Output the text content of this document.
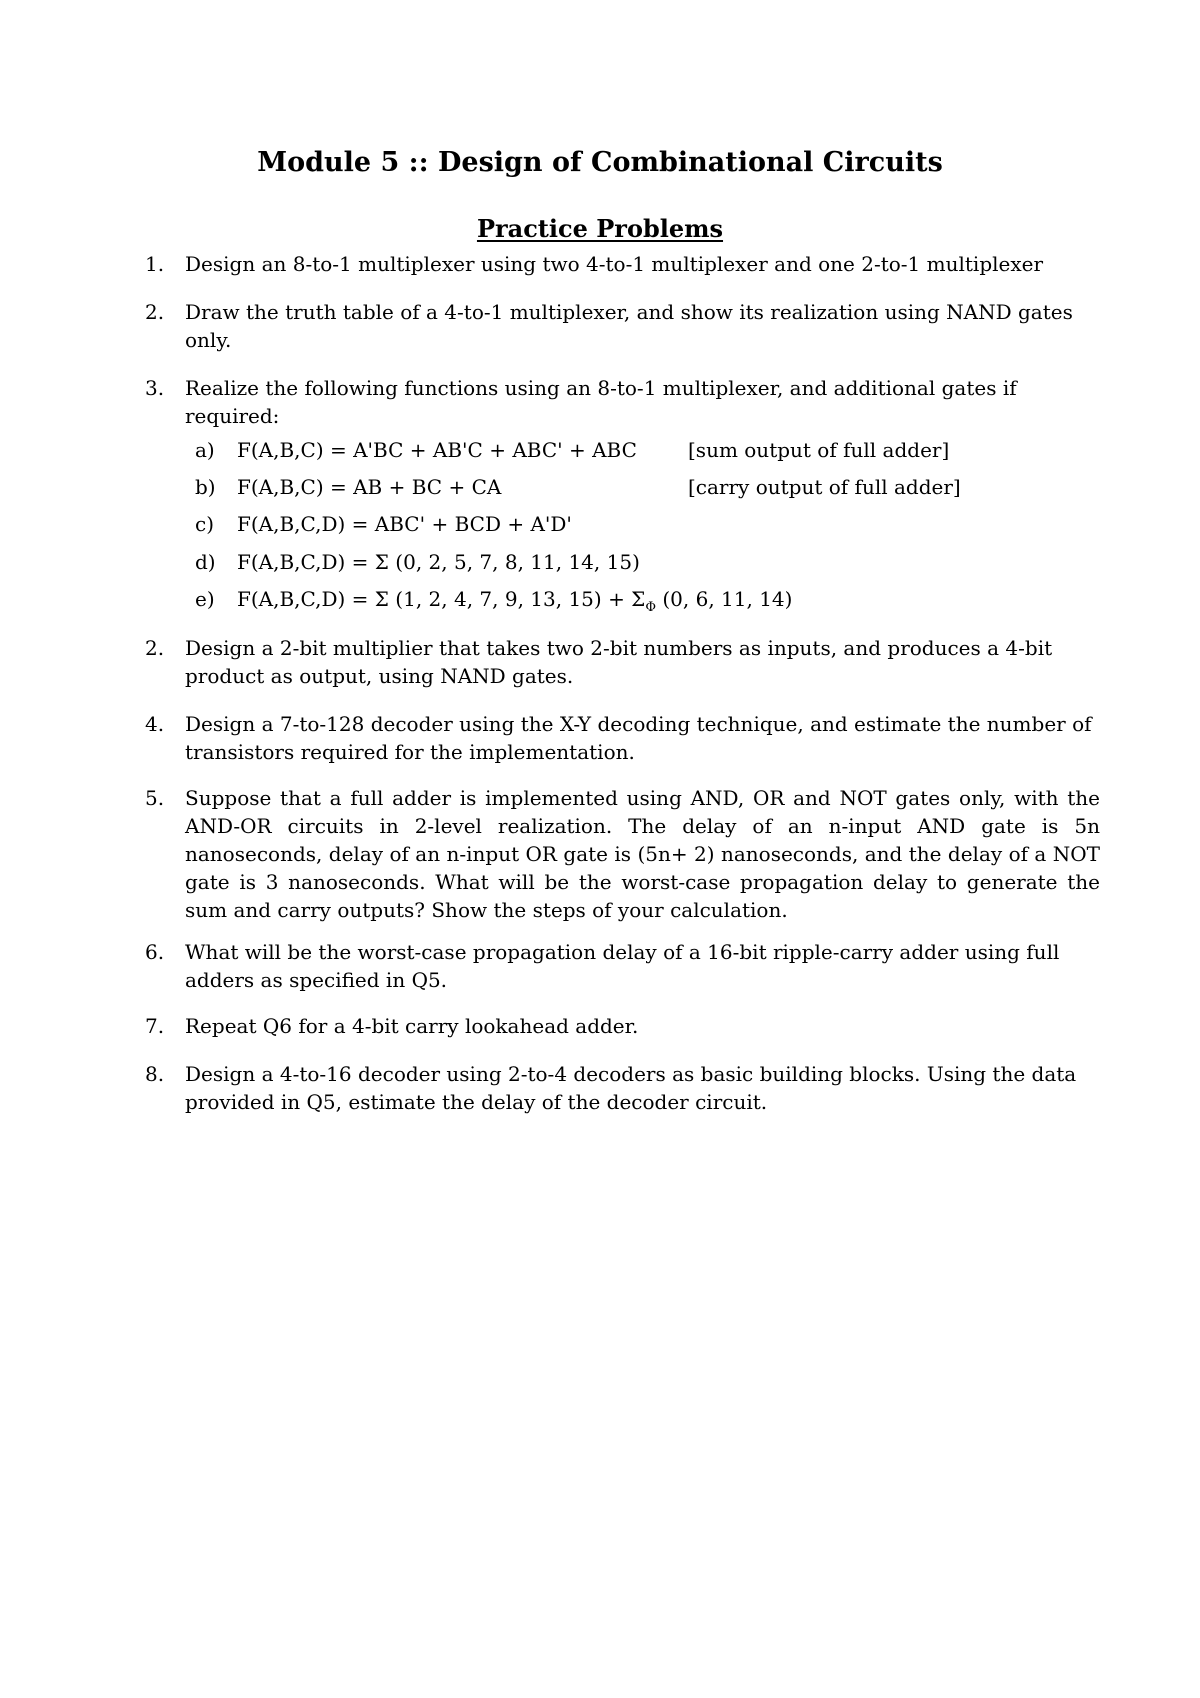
Module 5 :: Design of Combinational Circuits
Practice Problems
1.	Design an 8-to-1 multiplexer using two 4-to-1 multiplexer and one 2-to-1 multiplexer
2.	Draw the truth table of a 4-to-1 multiplexer, and show its realization using NAND gates only.
3.	Realize the following functions using an 8-to-1 multiplexer, and additional gates if required:
a) F(A,B,C) = A'BC + AB'C + ABC' + ABC	[sum output of full adder]
b) F(A,B,C) = AB + BC + CA	[carry output of full adder]
c) F(A,B,C,D) = ABC' + BCD + A'D'
d) F(A,B,C,D) = Σ (0, 2, 5, 7, 8, 11, 14, 15)
e) F(A,B,C,D) = Σ (1, 2, 4, 7, 9, 13, $15) + \Sigma_\Phi$ (0, 6, 11, 14)
2.	Design a 2-bit multiplier that takes two 2-bit numbers as inputs, and produces a 4-bit product as output, using NAND gates.
4.	Design a 7-to-128 decoder using the X-Y decoding technique, and estimate the number of transistors required for the implementation.
5.	Suppose that a full adder is implemented using AND, OR and NOT gates only, with the AND-OR circuits in 2-level realization. The delay of an n-input AND gate is 5n nanoseconds, delay of an n-input OR gate is (5n+ 2) nanoseconds, and the delay of a NOT gate is 3 nanoseconds. What will be the worst-case propagation delay to generate the sum and carry outputs? Show the steps of your calculation.
6.	What will be the worst-case propagation delay of a 16-bit ripple-carry adder using full adders as specified in Q5.
7.	Repeat Q6 for a 4-bit carry lookahead adder.
8.	Design a 4-to-16 decoder using 2-to-4 decoders as basic building blocks. Using the data provided in Q5, estimate the delay of the decoder circuit.
